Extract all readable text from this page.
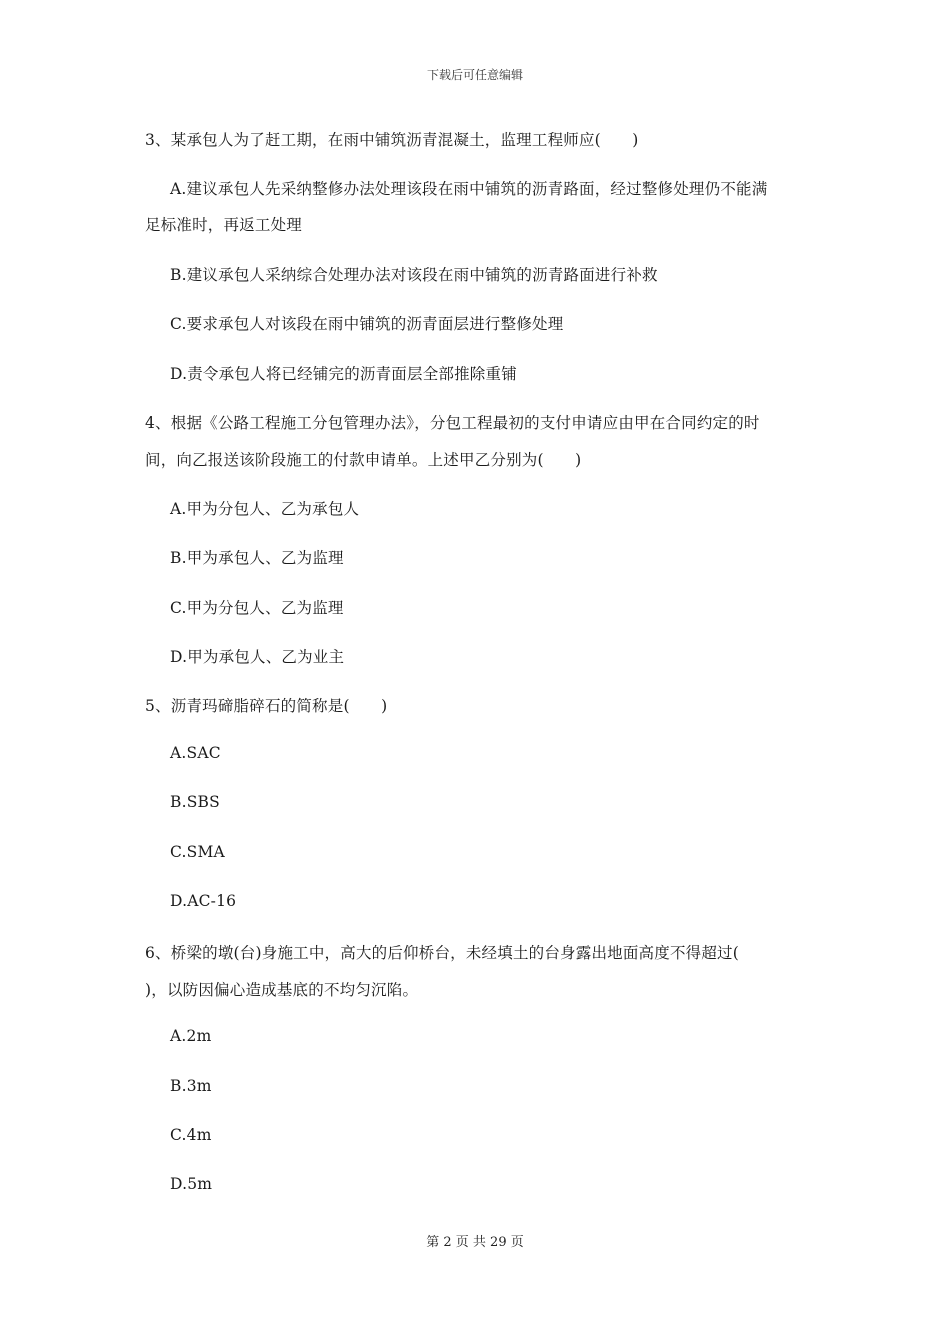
下载后可任意编辑
3、某承包人为了赶工期，在雨中铺筑沥青混凝土，监理工程师应(　　)
A.建议承包人先采纳整修办法处理该段在雨中铺筑的沥青路面，经过整修处理仍不能满
足标准时，再返工处理
B.建议承包人采纳综合处理办法对该段在雨中铺筑的沥青路面进行补救
C.要求承包人对该段在雨中铺筑的沥青面层进行整修处理
D.责令承包人将已经铺完的沥青面层全部推除重铺
4、根据《公路工程施工分包管理办法》，分包工程最初的支付申请应由甲在合同约定的时
间，向乙报送该阶段施工的付款申请单。上述甲乙分别为(　　)
A.甲为分包人、乙为承包人
B.甲为承包人、乙为监理
C.甲为分包人、乙为监理
D.甲为承包人、乙为业主
5、沥青玛碲脂碎石的简称是(　　)
A.SAC
B.SBS
C.SMA
D.AC-16
6、桥梁的墩(台)身施工中，高大的后仰桥台，未经填土的台身露出地面高度不得超过(
)，以防因偏心造成基底的不均匀沉陷。
A.2m
B.3m
C.4m
D.5m
第 2 页 共 29 页
